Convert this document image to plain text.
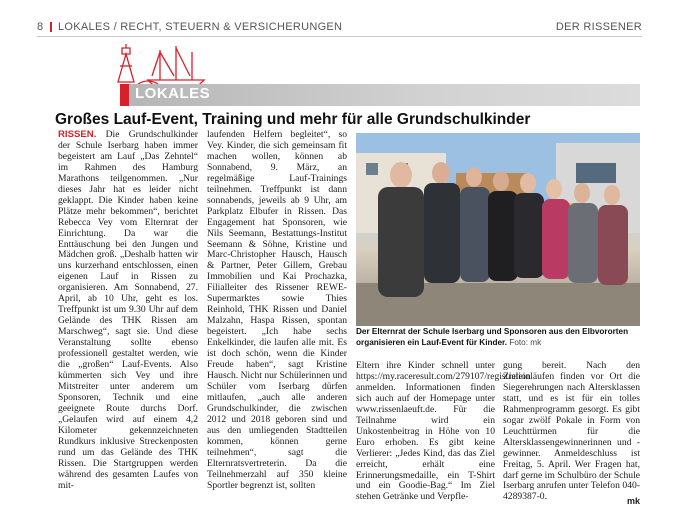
8 LOKALES / RECHT, STEUERN & VERSICHERUNGEN	DER RISSENER
LOKALES
Großes Lauf-Event, Training und mehr für alle Grundschulkinder
RISSEN. Die Grundschulkinder der Schule Iserbarg haben immer begeistert am Lauf „Das Zehntel“ im Rahmen des Hamburg Marathons teilgenommen. „Nur dieses Jahr hat es leider nicht geklappt. Die Kinder haben keine Plätze mehr bekommen“, berichtet Rebecca Vey vom Elternrat der Einrichtung. Da war die Enttäuschung bei den Jungen und Mädchen groß. „Deshalb hatten wir uns kurzerhand entschlossen, einen eigenen Lauf in Rissen zu organisieren. Am Sonnabend, 27. April, ab 10 Uhr, geht es los. Treffpunkt ist um 9.30 Uhr auf dem Gelände des THK Rissen am Marschweg“, sagt sie. Und diese Veranstaltung sollte ebenso professionell gestaltet werden, wie die „großen“ Lauf-Events. Also kümmerten sich Vey und ihre Mitstreiter unter anderem um Sponsoren, Technik und eine geeignete Route durchs Dorf. „Gelaufen wird auf einem 4,2 Kilometer gekennzeichneten Rundkurs inklusive Streckenposten rund um das Gelände des THK Rissen. Die Startgruppen werden während des gesamten Laufes von mit-
laufenden Helfern begleitet“, so Vey. Kinder, die sich gemeinsam fit machen wollen, können ab Sonnabend, 9. März, an regelmäßige Lauf-Trainings teilnehmen. Treffpunkt ist dann sonnabends, jeweils ab 9 Uhr, am Parkplatz Elbufer in Rissen. Das Engagement hat Sponsoren, wie Nils Seemann, Bestattungs-Institut Seemann & Söhne, Kristine und Marc-Christopher Hausch, Hausch & Partner, Peter Gillem, Grebau Immobilien und Kai Prochazka, Filialleiter des Rissener REWE-Supermarktes sowie Thies Reinhold, THK Rissen und Daniel Malzahn, Haspa Rissen, spontan begeistert. „Ich habe sechs Enkelkinder, die laufen alle mit. Es ist doch schön, wenn die Kinder Freude haben“, sagt Kristine Hausch. Nicht nur Schülerinnen und Schüler vom Iserbarg dürfen mitlaufen, „auch alle anderen Grundschulkinder, die zwischen 2012 und 2018 geboren sind und aus den umliegenden Stadtteilen kommen, können gerne teilnehmen“, sagt die Elternratsvertreterin. Da die Teilnehmerzahl auf 350 kleine Sportler begrenzt ist, sollten
Der Elternrat der Schule Iserbarg und Sponsoren aus den Elbvororten organisieren ein Lauf-Event für Kinder. Foto: mk
Eltern ihre Kinder schnell unter https://my.raceresult.com/279107/registration anmelden. Informationen finden sich auch auf der Homepage unter www.rissenlaeuft.de. Für die Teilnahme wird ein Unkostenbeitrag in Höhe von 10 Euro erhoben. Es gibt keine Verlierer: „Jedes Kind, das das Ziel erreicht, erhält eine Erinnerungsmedaille, ein T-Shirt und ein Goodie-Bag.“ Im Ziel stehen Getränke und Verpfle-
gung bereit. Nach den Zieleinläufen finden vor Ort die Siegerehrungen nach Altersklassen statt, und es ist für ein tolles Rahmenprogramm gesorgt. Es gibt sogar zwölf Pokale in Form von Leuchttürmen für die Altersklassengewinnerinnen und -gewinner. Anmeldeschluss ist Freitag, 5. April. Wer Fragen hat, darf gerne im Schulbüro der Schule Iserbarg anrufen unter Telefon 040-4289387-0.	mk
